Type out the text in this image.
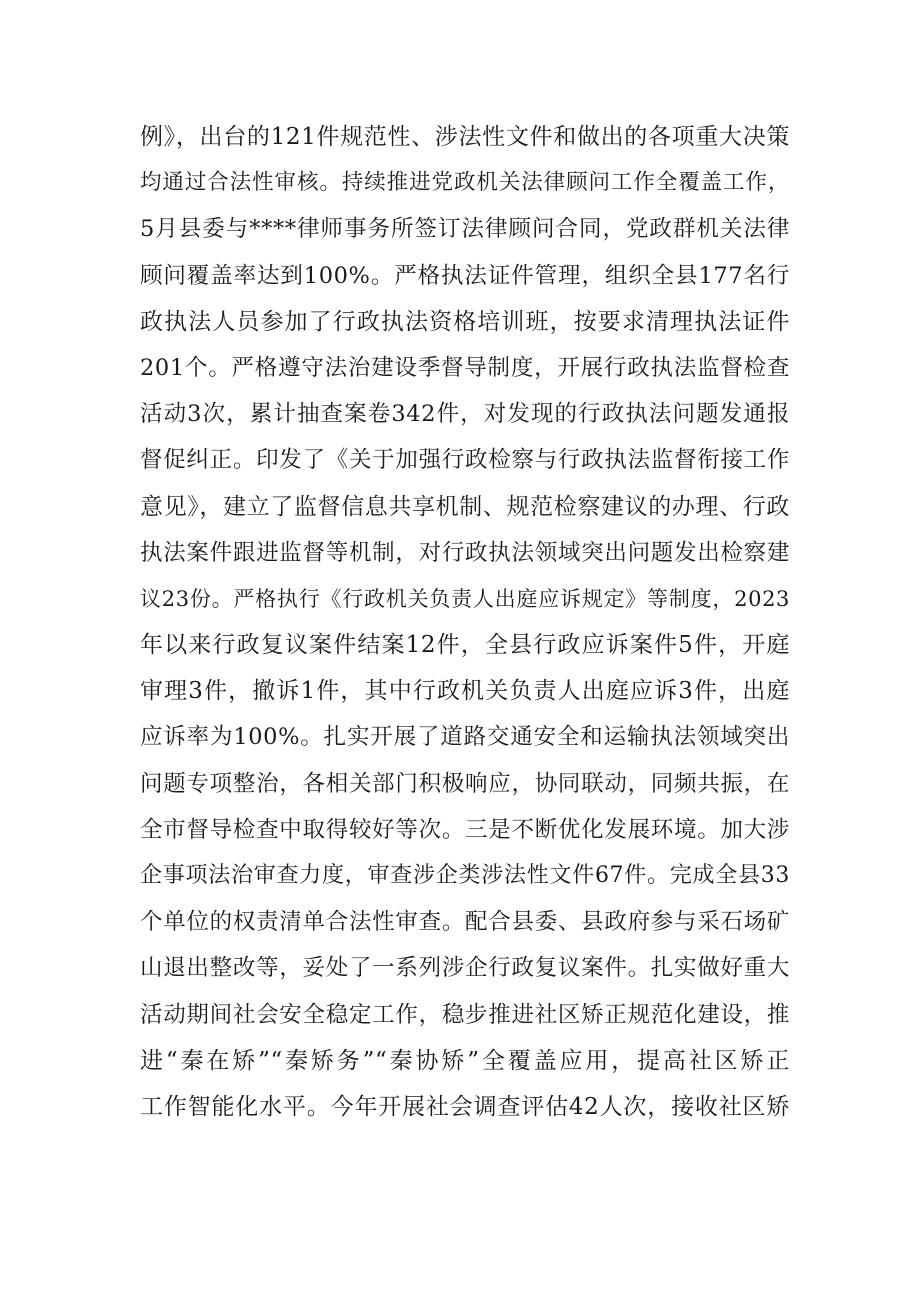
例》，出台的121件规范性、涉法性文件和做出的各项重大决策
均通过合法性审核。持续推进党政机关法律顾问工作全覆盖工作，
5月县委与****律师事务所签订法律顾问合同，党政群机关法律
顾问覆盖率达到100%。严格执法证件管理，组织全县177名行
政执法人员参加了行政执法资格培训班，按要求清理执法证件
201个。严格遵守法治建设季督导制度，开展行政执法监督检查
活动3次，累计抽查案卷342件，对发现的行政执法问题发通报
督促纠正。印发了《关于加强行政检察与行政执法监督衔接工作
意见》，建立了监督信息共享机制、规范检察建议的办理、行政
执法案件跟进监督等机制，对行政执法领域突出问题发出检察建
议23份。严格执行《行政机关负责人出庭应诉规定》等制度，2023
年以来行政复议案件结案12件，全县行政应诉案件5件，开庭
审理3件，撤诉1件，其中行政机关负责人出庭应诉3件，出庭
应诉率为100%。扎实开展了道路交通安全和运输执法领域突出
问题专项整治，各相关部门积极响应，协同联动，同频共振，在
全市督导检查中取得较好等次。三是不断优化发展环境。加大涉
企事项法治审查力度，审查涉企类涉法性文件67件。完成全县33
个单位的权责清单合法性审查。配合县委、县政府参与采石场矿
山退出整改等，妥处了一系列涉企行政复议案件。扎实做好重大
活动期间社会安全稳定工作，稳步推进社区矫正规范化建设，推
进“秦在矫”“秦矫务”“秦协矫”全覆盖应用，提高社区矫正
工作智能化水平。今年开展社会调查评估42人次，接收社区矫
